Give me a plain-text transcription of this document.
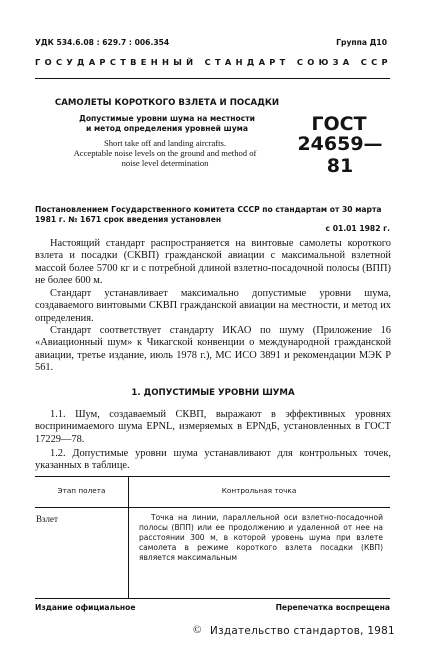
УДК 534.6.08 : 629.7 : 006.354	Группа Д10
ГОСУДАРСТВЕННЫЙ СТАНДАРТ СОЮЗА ССР
САМОЛЕТЫ КОРОТКОГО ВЗЛЕТА И ПОСАДКИ
Допустимые уровни шума на местности
и метод определения уровней шума
Short take off and landing aircrafts.
Acceptable noise levels on the ground and method of
noise level determination
ГОСТ
24659—81
Постановлением Государственного комитета СССР по стандартам от 30 марта
1981 г. № 1671 срок введения установлен
с 01.01 1982 г.
Настоящий стандарт распространяется на винтовые самолеты короткого взлета и посадки (СКВП) гражданской авиации с максимальной взлетной массой более 5700 кг и с потребной длиной взлетно-посадочной полосы (ВПП) не более 600 м.
Стандарт устанавливает максимально допустимые уровни шума, создаваемого винтовыми СКВП гражданской авиации на местности, и метод их определения.
Стандарт соответствует стандарту ИКАО по шуму (Приложение 16 «Авиационный шум» к Чикагской конвенции о международной гражданской авиации, третье издание, июль 1978 г.), МС ИСО 3891 и рекомендации МЭК Р 561.
1. ДОПУСТИМЫЕ УРОВНИ ШУМА
1.1. Шум, создаваемый СКВП, выражают в эффективных уровнях воспринимаемого шума EPNL, измеряемых в EPNдБ, установленных в ГОСТ 17229—78.
1.2. Допустимые уровни шума устанавливают для контрольных точек, указанных в таблице.
Этап полета	Контрольная точка
Взлет	Точка на линии, параллельной оси взлетно-посадочной полосы (ВПП) или ее продолжению и удаленной от нее на расстоянии 300 м, в которой уровень шума при взлете самолета в режиме короткого взлета посадки (КВП) является максимальным
Издание официальное	Перепечатка воспрещена
© Издательство стандартов, 1981
